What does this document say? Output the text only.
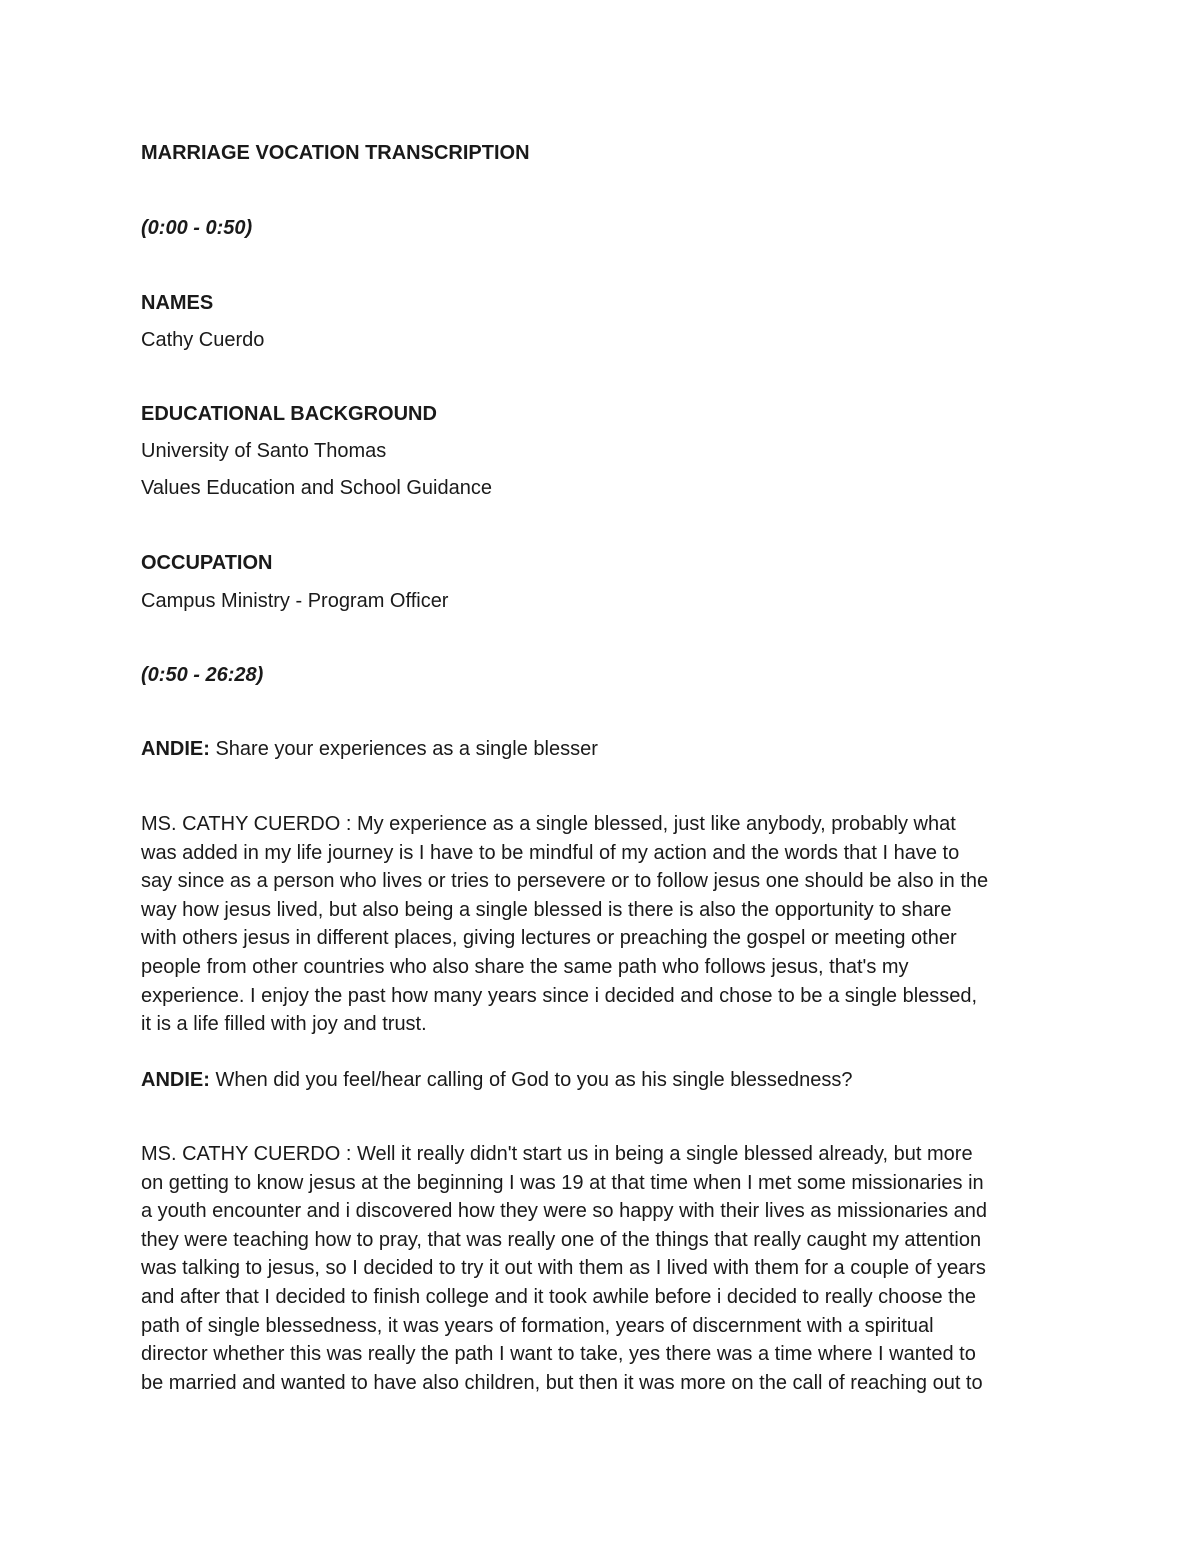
MARRIAGE VOCATION TRANSCRIPTION

(0:00 - 0:50)

NAMES

Cathy Cuerdo

EDUCATIONAL BACKGROUND

University of Santo Thomas

Values Education and School Guidance

OCCUPATION

Campus Ministry - Program Officer

(0:50 - 26:28)

ANDIE: Share your experiences as a single blesser

MS. CATHY CUERDO : My experience as a single blessed, just like anybody, probably what
was added in my life journey is I have to be mindful of my action and the words that I have to
say since as a person who lives or tries to persevere or to follow jesus one should be also in the
way how jesus lived, but also being a single blessed is there is also the opportunity to share
with others jesus in different places, giving lectures or preaching the gospel or meeting other
people from other countries who also share the same path who follows jesus, that's my
experience. I enjoy the past how many years since i decided and chose to be a single blessed,
it is a life filled with joy and trust.

ANDIE: When did you feel/hear calling of God to you as his single blessedness?

MS. CATHY CUERDO : Well it really didn't start us in being a single blessed already, but more
on getting to know jesus at the beginning I was 19 at that time when I met some missionaries in
a youth encounter and i discovered how they were so happy with their lives as missionaries and
they were teaching how to pray, that was really one of the things that really caught my attention
was talking to jesus, so I decided to try it out with them as I lived with them for a couple of years
and after that I decided to finish college and it took awhile before i decided to really choose the
path of single blessedness, it was years of formation, years of discernment with a spiritual
director whether this was really the path I want to take, yes there was a time where I wanted to
be married and wanted to have also children, but then it was more on the call of reaching out to
